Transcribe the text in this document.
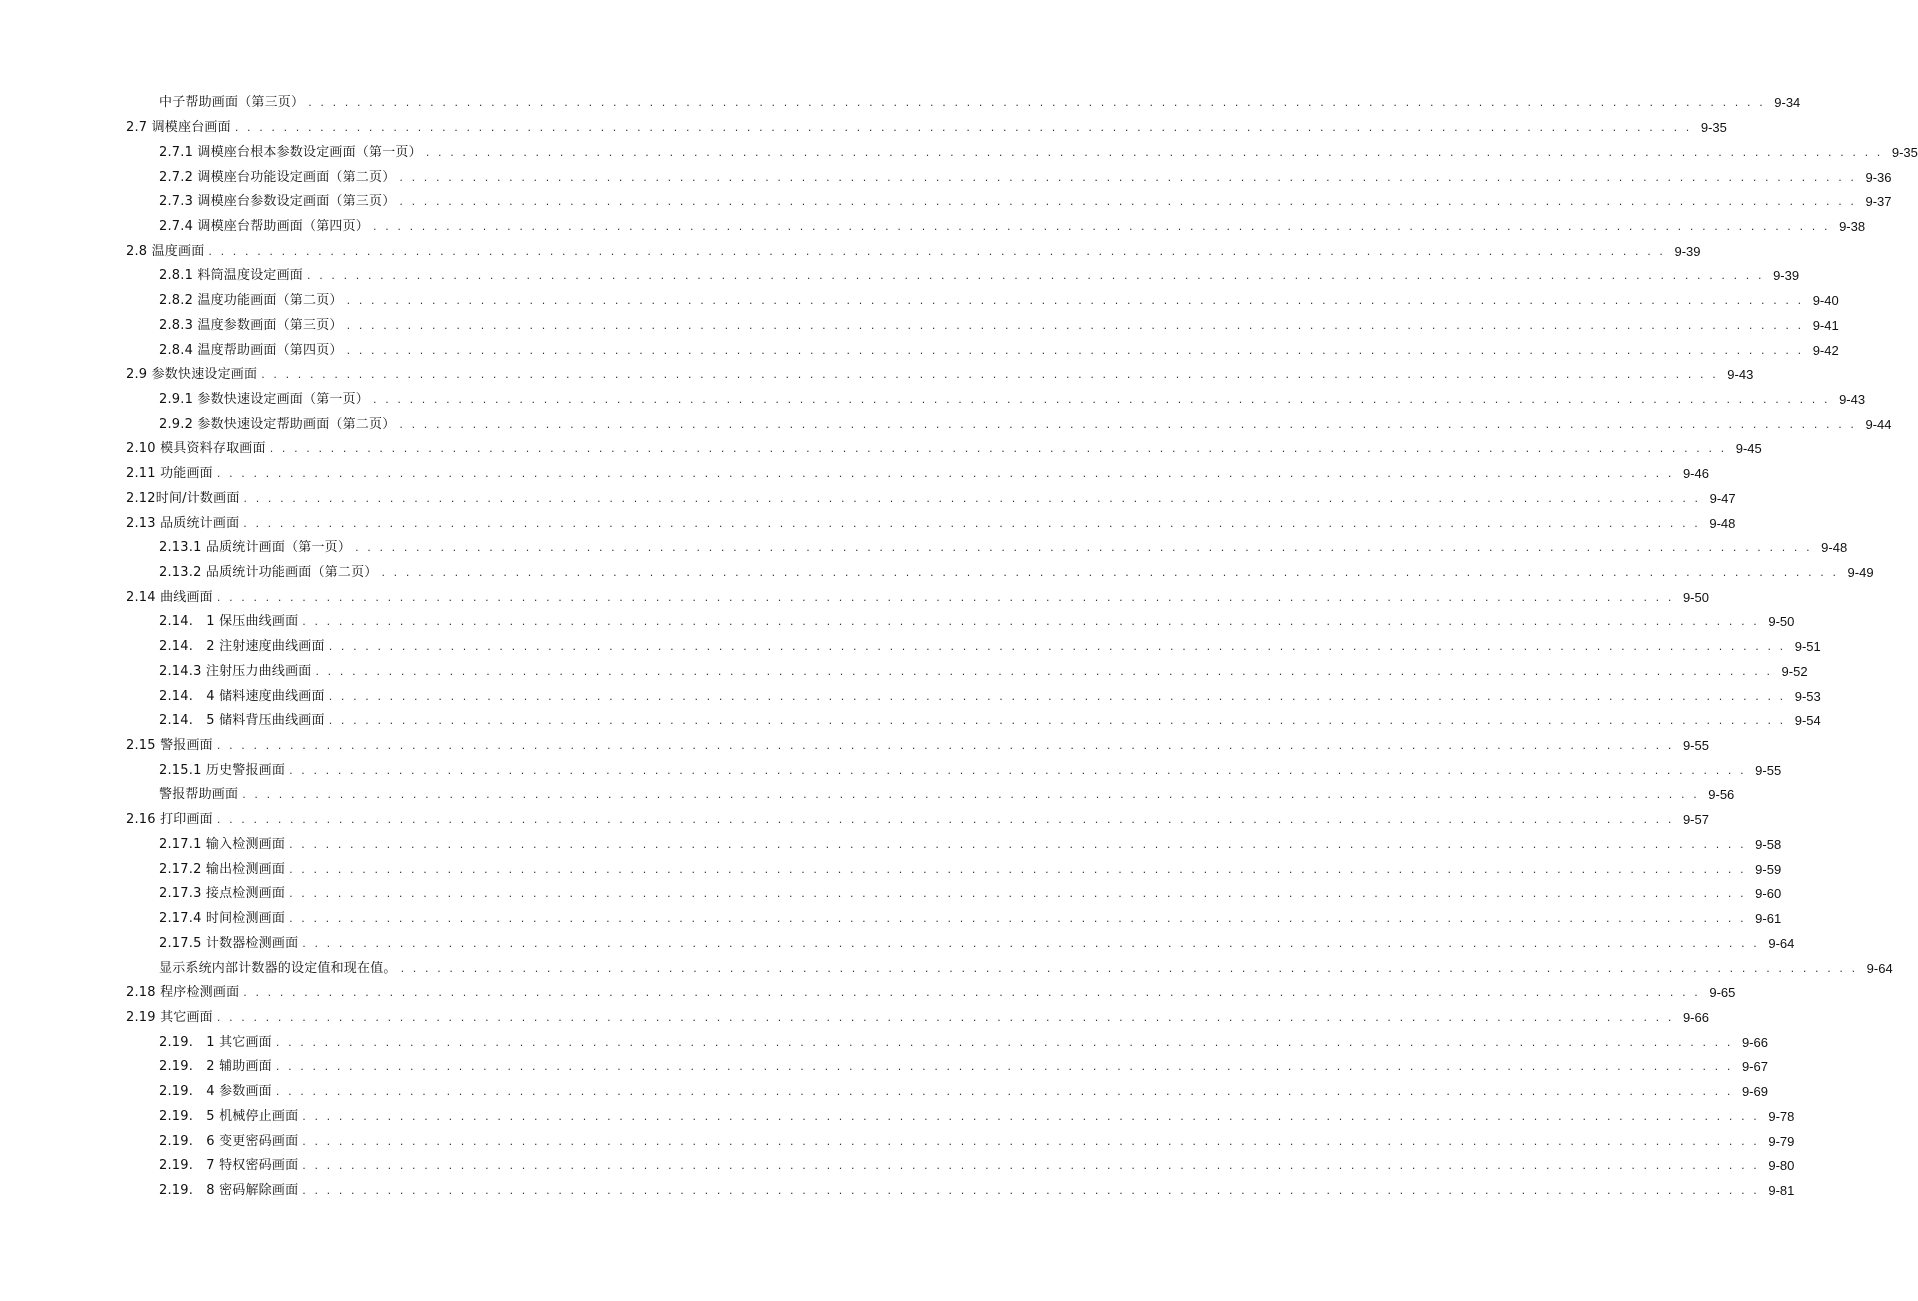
中子帮助画面（第三页） . . . . . . . . . . . . . . . . . . . . . . . . . . . . . . . . . . . . . . . . . . . . . . . . . . . . . . . . . . . . . . . . . . . . . . . . . . . . . . . . . . . . . . . . . . . . . . . . . . . . . . . . . . . . . . . . . . . . . . . . 9-34
2.7 调模座台画面 . . . . . . . . . . . . . . . . . . . . . . . . . . . . . . . . . . . . . . . . . . . . . . . . . . . . . . . . . . . . . . . . . . . . . . . . . . . . . . . . . . . . . . . . . . . . . . . . . . . . . . . . . . . . . . . . . . . . . . . . 9-35
2.7.1 调模座台根本参数设定画面（第一页） . . . . . . . . . . . . . . . . . . . . . . . . . . . . . . . . . . . . . . . . . . . . . . . . . . . . . . . . . . . . . . . . . . . . . . . . . . . . . . . . . . . . . . . . . . . . . . . . . . . . . . . . . . . . . . . . . . . . . . . . 9-35
2.7.2 调模座台功能设定画面（第二页） . . . . . . . . . . . . . . . . . . . . . . . . . . . . . . . . . . . . . . . . . . . . . . . . . . . . . . . . . . . . . . . . . . . . . . . . . . . . . . . . . . . . . . . . . . . . . . . . . . . . . . . . . . . . . . . . . . . . . . . . 9-36
2.7.3 调模座台参数设定画面（第三页） . . . . . . . . . . . . . . . . . . . . . . . . . . . . . . . . . . . . . . . . . . . . . . . . . . . . . . . . . . . . . . . . . . . . . . . . . . . . . . . . . . . . . . . . . . . . . . . . . . . . . . . . . . . . . . . . . . . . . . . . 9-37
2.7.4 调模座台帮助画面（第四页） . . . . . . . . . . . . . . . . . . . . . . . . . . . . . . . . . . . . . . . . . . . . . . . . . . . . . . . . . . . . . . . . . . . . . . . . . . . . . . . . . . . . . . . . . . . . . . . . . . . . . . . . . . . . . . . . . . . . . . . . 9-38
2.8 温度画面 . . . . . . . . . . . . . . . . . . . . . . . . . . . . . . . . . . . . . . . . . . . . . . . . . . . . . . . . . . . . . . . . . . . . . . . . . . . . . . . . . . . . . . . . . . . . . . . . . . . . . . . . . . . . . . . . . . . . . . . . 9-39
2.8.1 料筒温度设定画面 . . . . . . . . . . . . . . . . . . . . . . . . . . . . . . . . . . . . . . . . . . . . . . . . . . . . . . . . . . . . . . . . . . . . . . . . . . . . . . . . . . . . . . . . . . . . . . . . . . . . . . . . . . . . . . . . . . . . . . . . 9-39
2.8.2 温度功能画面（第二页） . . . . . . . . . . . . . . . . . . . . . . . . . . . . . . . . . . . . . . . . . . . . . . . . . . . . . . . . . . . . . . . . . . . . . . . . . . . . . . . . . . . . . . . . . . . . . . . . . . . . . . . . . . . . . . . . . . . . . . . . 9-40
2.8.3 温度参数画面（第三页） . . . . . . . . . . . . . . . . . . . . . . . . . . . . . . . . . . . . . . . . . . . . . . . . . . . . . . . . . . . . . . . . . . . . . . . . . . . . . . . . . . . . . . . . . . . . . . . . . . . . . . . . . . . . . . . . . . . . . . . . 9-41
2.8.4 温度帮助画面（第四页） . . . . . . . . . . . . . . . . . . . . . . . . . . . . . . . . . . . . . . . . . . . . . . . . . . . . . . . . . . . . . . . . . . . . . . . . . . . . . . . . . . . . . . . . . . . . . . . . . . . . . . . . . . . . . . . . . . . . . . . . 9-42
2.9 参数快速设定画面 . . . . . . . . . . . . . . . . . . . . . . . . . . . . . . . . . . . . . . . . . . . . . . . . . . . . . . . . . . . . . . . . . . . . . . . . . . . . . . . . . . . . . . . . . . . . . . . . . . . . . . . . . . . . . . . . . . . . . . . . 9-43
2.9.1 参数快速设定画面（第一页） . . . . . . . . . . . . . . . . . . . . . . . . . . . . . . . . . . . . . . . . . . . . . . . . . . . . . . . . . . . . . . . . . . . . . . . . . . . . . . . . . . . . . . . . . . . . . . . . . . . . . . . . . . . . . . . . . . . . . . . . 9-43
2.9.2 参数快速设定帮助画面（第二页） . . . . . . . . . . . . . . . . . . . . . . . . . . . . . . . . . . . . . . . . . . . . . . . . . . . . . . . . . . . . . . . . . . . . . . . . . . . . . . . . . . . . . . . . . . . . . . . . . . . . . . . . . . . . . . . . . . . . . . . . 9-44
2.10 模具资料存取画面 . . . . . . . . . . . . . . . . . . . . . . . . . . . . . . . . . . . . . . . . . . . . . . . . . . . . . . . . . . . . . . . . . . . . . . . . . . . . . . . . . . . . . . . . . . . . . . . . . . . . . . . . . . . . . . . . . . . . . . . . 9-45
2.11 功能画面 . . . . . . . . . . . . . . . . . . . . . . . . . . . . . . . . . . . . . . . . . . . . . . . . . . . . . . . . . . . . . . . . . . . . . . . . . . . . . . . . . . . . . . . . . . . . . . . . . . . . . . . . . . . . . . . . . . . . . . . . 9-46
2.12时间/计数画面 . . . . . . . . . . . . . . . . . . . . . . . . . . . . . . . . . . . . . . . . . . . . . . . . . . . . . . . . . . . . . . . . . . . . . . . . . . . . . . . . . . . . . . . . . . . . . . . . . . . . . . . . . . . . . . . . . . . . . . . . 9-47
2.13 品质统计画面 . . . . . . . . . . . . . . . . . . . . . . . . . . . . . . . . . . . . . . . . . . . . . . . . . . . . . . . . . . . . . . . . . . . . . . . . . . . . . . . . . . . . . . . . . . . . . . . . . . . . . . . . . . . . . . . . . . . . . . . . 9-48
2.13.1 品质统计画面（第一页） . . . . . . . . . . . . . . . . . . . . . . . . . . . . . . . . . . . . . . . . . . . . . . . . . . . . . . . . . . . . . . . . . . . . . . . . . . . . . . . . . . . . . . . . . . . . . . . . . . . . . . . . . . . . . . . . . . . . . . . . 9-48
2.13.2 品质统计功能画面（第二页） . . . . . . . . . . . . . . . . . . . . . . . . . . . . . . . . . . . . . . . . . . . . . . . . . . . . . . . . . . . . . . . . . . . . . . . . . . . . . . . . . . . . . . . . . . . . . . . . . . . . . . . . . . . . . . . . . . . . . . . . 9-49
2.14 曲线画面 . . . . . . . . . . . . . . . . . . . . . . . . . . . . . . . . . . . . . . . . . . . . . . . . . . . . . . . . . . . . . . . . . . . . . . . . . . . . . . . . . . . . . . . . . . . . . . . . . . . . . . . . . . . . . . . . . . . . . . . . 9-50
2.14.　1 保压曲线画面 . . . . . . . . . . . . . . . . . . . . . . . . . . . . . . . . . . . . . . . . . . . . . . . . . . . . . . . . . . . . . . . . . . . . . . . . . . . . . . . . . . . . . . . . . . . . . . . . . . . . . . . . . . . . . . . . . . . . . . . . 9-50
2.14.　2 注射速度曲线画面 . . . . . . . . . . . . . . . . . . . . . . . . . . . . . . . . . . . . . . . . . . . . . . . . . . . . . . . . . . . . . . . . . . . . . . . . . . . . . . . . . . . . . . . . . . . . . . . . . . . . . . . . . . . . . . . . . . . . . . . . 9-51
2.14.3 注射压力曲线画面 . . . . . . . . . . . . . . . . . . . . . . . . . . . . . . . . . . . . . . . . . . . . . . . . . . . . . . . . . . . . . . . . . . . . . . . . . . . . . . . . . . . . . . . . . . . . . . . . . . . . . . . . . . . . . . . . . . . . . . . . 9-52
2.14.　4 储料速度曲线画面 . . . . . . . . . . . . . . . . . . . . . . . . . . . . . . . . . . . . . . . . . . . . . . . . . . . . . . . . . . . . . . . . . . . . . . . . . . . . . . . . . . . . . . . . . . . . . . . . . . . . . . . . . . . . . . . . . . . . . . . . 9-53
2.14.　5 储料背压曲线画面 . . . . . . . . . . . . . . . . . . . . . . . . . . . . . . . . . . . . . . . . . . . . . . . . . . . . . . . . . . . . . . . . . . . . . . . . . . . . . . . . . . . . . . . . . . . . . . . . . . . . . . . . . . . . . . . . . . . . . . . . 9-54
2.15 警报画面 . . . . . . . . . . . . . . . . . . . . . . . . . . . . . . . . . . . . . . . . . . . . . . . . . . . . . . . . . . . . . . . . . . . . . . . . . . . . . . . . . . . . . . . . . . . . . . . . . . . . . . . . . . . . . . . . . . . . . . . . 9-55
2.15.1 历史警报画面 . . . . . . . . . . . . . . . . . . . . . . . . . . . . . . . . . . . . . . . . . . . . . . . . . . . . . . . . . . . . . . . . . . . . . . . . . . . . . . . . . . . . . . . . . . . . . . . . . . . . . . . . . . . . . . . . . . . . . . . . 9-55
警报帮助画面 . . . . . . . . . . . . . . . . . . . . . . . . . . . . . . . . . . . . . . . . . . . . . . . . . . . . . . . . . . . . . . . . . . . . . . . . . . . . . . . . . . . . . . . . . . . . . . . . . . . . . . . . . . . . . . . . . . . . . . . . 9-56
2.16 打印画面 . . . . . . . . . . . . . . . . . . . . . . . . . . . . . . . . . . . . . . . . . . . . . . . . . . . . . . . . . . . . . . . . . . . . . . . . . . . . . . . . . . . . . . . . . . . . . . . . . . . . . . . . . . . . . . . . . . . . . . . . 9-57
2.17.1 输入检测画面 . . . . . . . . . . . . . . . . . . . . . . . . . . . . . . . . . . . . . . . . . . . . . . . . . . . . . . . . . . . . . . . . . . . . . . . . . . . . . . . . . . . . . . . . . . . . . . . . . . . . . . . . . . . . . . . . . . . . . . . . 9-58
2.17.2 输出检测画面 . . . . . . . . . . . . . . . . . . . . . . . . . . . . . . . . . . . . . . . . . . . . . . . . . . . . . . . . . . . . . . . . . . . . . . . . . . . . . . . . . . . . . . . . . . . . . . . . . . . . . . . . . . . . . . . . . . . . . . . . 9-59
2.17.3 接点检测画面 . . . . . . . . . . . . . . . . . . . . . . . . . . . . . . . . . . . . . . . . . . . . . . . . . . . . . . . . . . . . . . . . . . . . . . . . . . . . . . . . . . . . . . . . . . . . . . . . . . . . . . . . . . . . . . . . . . . . . . . . 9-60
2.17.4 时间检测画面 . . . . . . . . . . . . . . . . . . . . . . . . . . . . . . . . . . . . . . . . . . . . . . . . . . . . . . . . . . . . . . . . . . . . . . . . . . . . . . . . . . . . . . . . . . . . . . . . . . . . . . . . . . . . . . . . . . . . . . . . 9-61
2.17.5 计数器检测画面 . . . . . . . . . . . . . . . . . . . . . . . . . . . . . . . . . . . . . . . . . . . . . . . . . . . . . . . . . . . . . . . . . . . . . . . . . . . . . . . . . . . . . . . . . . . . . . . . . . . . . . . . . . . . . . . . . . . . . . . . 9-64
显示系统内部计数器的设定值和现在值。 . . . . . . . . . . . . . . . . . . . . . . . . . . . . . . . . . . . . . . . . . . . . . . . . . . . . . . . . . . . . . . . . . . . . . . . . . . . . . . . . . . . . . . . . . . . . . . . . . . . . . . . . . . . . . . . . . . . . . . . . 9-64
2.18 程序检测画面 . . . . . . . . . . . . . . . . . . . . . . . . . . . . . . . . . . . . . . . . . . . . . . . . . . . . . . . . . . . . . . . . . . . . . . . . . . . . . . . . . . . . . . . . . . . . . . . . . . . . . . . . . . . . . . . . . . . . . . . . 9-65
2.19 其它画面 . . . . . . . . . . . . . . . . . . . . . . . . . . . . . . . . . . . . . . . . . . . . . . . . . . . . . . . . . . . . . . . . . . . . . . . . . . . . . . . . . . . . . . . . . . . . . . . . . . . . . . . . . . . . . . . . . . . . . . . . 9-66
2.19.　1 其它画面 . . . . . . . . . . . . . . . . . . . . . . . . . . . . . . . . . . . . . . . . . . . . . . . . . . . . . . . . . . . . . . . . . . . . . . . . . . . . . . . . . . . . . . . . . . . . . . . . . . . . . . . . . . . . . . . . . . . . . . . . 9-66
2.19.　2 辅助画面 . . . . . . . . . . . . . . . . . . . . . . . . . . . . . . . . . . . . . . . . . . . . . . . . . . . . . . . . . . . . . . . . . . . . . . . . . . . . . . . . . . . . . . . . . . . . . . . . . . . . . . . . . . . . . . . . . . . . . . . . 9-67
2.19.　4 参数画面 . . . . . . . . . . . . . . . . . . . . . . . . . . . . . . . . . . . . . . . . . . . . . . . . . . . . . . . . . . . . . . . . . . . . . . . . . . . . . . . . . . . . . . . . . . . . . . . . . . . . . . . . . . . . . . . . . . . . . . . . 9-69
2.19.　5 机械停止画面 . . . . . . . . . . . . . . . . . . . . . . . . . . . . . . . . . . . . . . . . . . . . . . . . . . . . . . . . . . . . . . . . . . . . . . . . . . . . . . . . . . . . . . . . . . . . . . . . . . . . . . . . . . . . . . . . . . . . . . . . 9-78
2.19.　6 变更密码画面 . . . . . . . . . . . . . . . . . . . . . . . . . . . . . . . . . . . . . . . . . . . . . . . . . . . . . . . . . . . . . . . . . . . . . . . . . . . . . . . . . . . . . . . . . . . . . . . . . . . . . . . . . . . . . . . . . . . . . . . . 9-79
2.19.　7 特权密码画面 . . . . . . . . . . . . . . . . . . . . . . . . . . . . . . . . . . . . . . . . . . . . . . . . . . . . . . . . . . . . . . . . . . . . . . . . . . . . . . . . . . . . . . . . . . . . . . . . . . . . . . . . . . . . . . . . . . . . . . . . 9-80
2.19.　8 密码解除画面 . . . . . . . . . . . . . . . . . . . . . . . . . . . . . . . . . . . . . . . . . . . . . . . . . . . . . . . . . . . . . . . . . . . . . . . . . . . . . . . . . . . . . . . . . . . . . . . . . . . . . . . . . . . . . . . . . . . . . . . . 9-81
